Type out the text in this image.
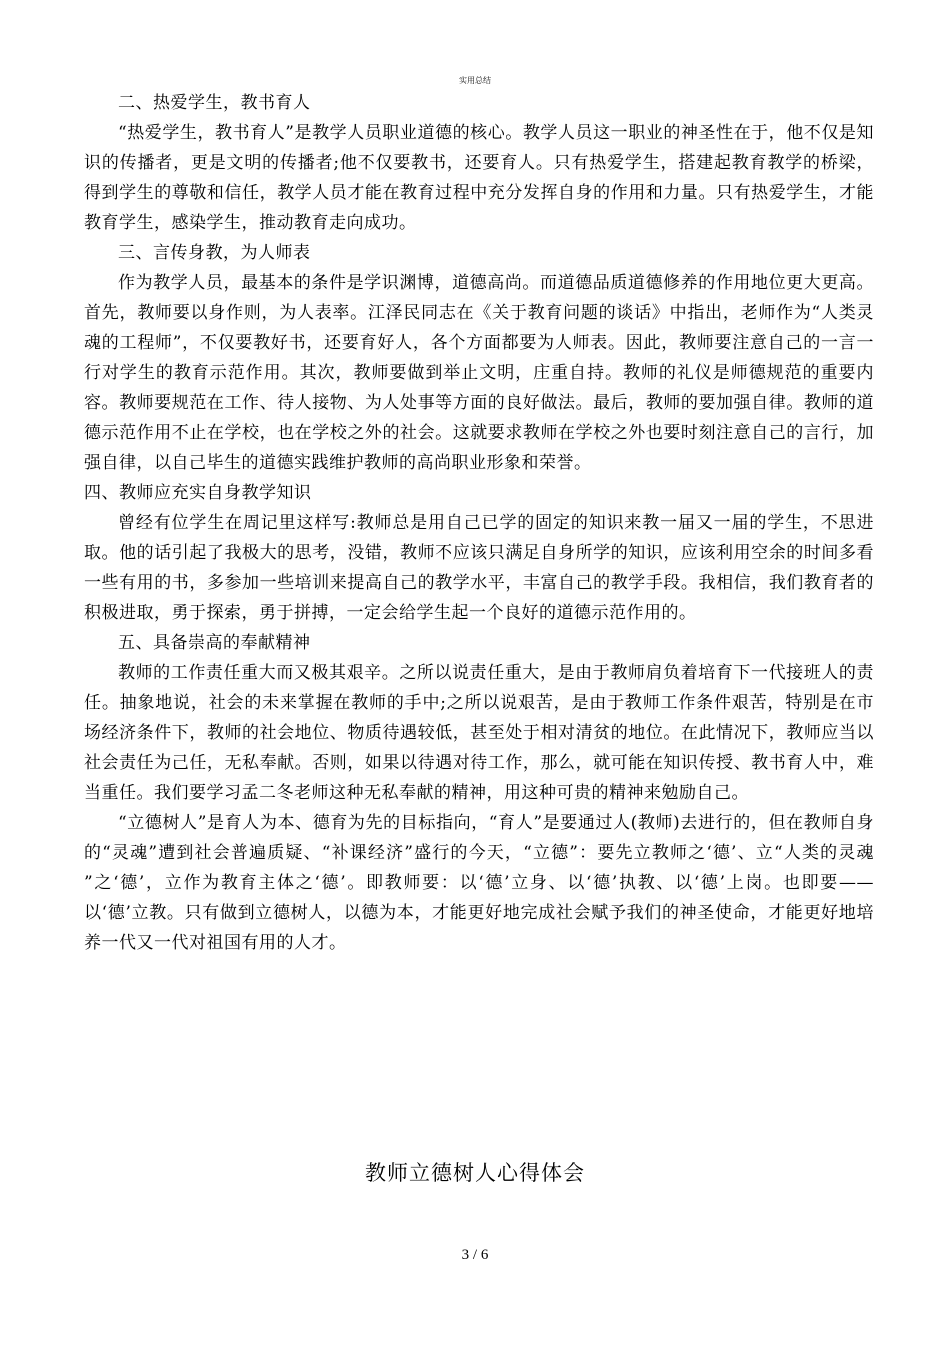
实用总结

二、热爱学生，教书育人

“热爱学生，教书育人”是教学人员职业道德的核心。教学人员这一职业的神圣性在于，他不仅是知识的传播者，更是文明的传播者;他不仅要教书，还要育人。只有热爱学生，搭建起教育教学的桥梁，得到学生的尊敬和信任，教学人员才能在教育过程中充分发挥自身的作用和力量。只有热爱学生，才能教育学生，感染学生，推动教育走向成功。

三、言传身教，为人师表

作为教学人员，最基本的条件是学识渊博，道德高尚。而道德品质道德修养的作用地位更大更高。首先，教师要以身作则，为人表率。江泽民同志在《关于教育问题的谈话》中指出，老师作为“人类灵魂的工程师”，不仅要教好书，还要育好人，各个方面都要为人师表。因此，教师要注意自己的一言一行对学生的教育示范作用。其次，教师要做到举止文明，庄重自持。教师的礼仪是师德规范的重要内容。教师要规范在工作、待人接物、为人处事等方面的良好做法。最后，教师的要加强自律。教师的道德示范作用不止在学校，也在学校之外的社会。这就要求教师在学校之外也要时刻注意自己的言行，加强自律，以自己毕生的道德实践维护教师的高尚职业形象和荣誉。

四、教师应充实自身教学知识

曾经有位学生在周记里这样写:教师总是用自己已学的固定的知识来教一届又一届的学生，不思进取。他的话引起了我极大的思考，没错，教师不应该只满足自身所学的知识，应该利用空余的时间多看一些有用的书，多参加一些培训来提高自己的教学水平，丰富自己的教学手段。我相信，我们教育者的积极进取，勇于探索，勇于拼搏，一定会给学生起一个良好的道德示范作用的。

五、具备崇高的奉献精神

教师的工作责任重大而又极其艰辛。之所以说责任重大，是由于教师肩负着培育下一代接班人的责任。抽象地说，社会的未来掌握在教师的手中;之所以说艰苦，是由于教师工作条件艰苦，特别是在市场经济条件下，教师的社会地位、物质待遇较低，甚至处于相对清贫的地位。在此情况下，教师应当以社会责任为己任，无私奉献。否则，如果以待遇对待工作，那么，就可能在知识传授、教书育人中，难当重任。我们要学习孟二冬老师这种无私奉献的精神，用这种可贵的精神来勉励自己。

“立德树人”是育人为本、德育为先的目标指向，“育人”是要通过人(教师)去进行的，但在教师自身的“灵魂”遭到社会普遍质疑、“补课经济”盛行的今天，“立德”：要先立教师之‘德’、立“人类的灵魂 ”之‘德’，立作为教育主体之‘德’。即教师要：以‘德’立身、以‘德’执教、以‘德’上岗。也即要——以‘德’立教。只有做到立德树人，以德为本，才能更好地完成社会赋予我们的神圣使命，才能更好地培养一代又一代对祖国有用的人才。

教师立德树人心得体会
3 / 6
